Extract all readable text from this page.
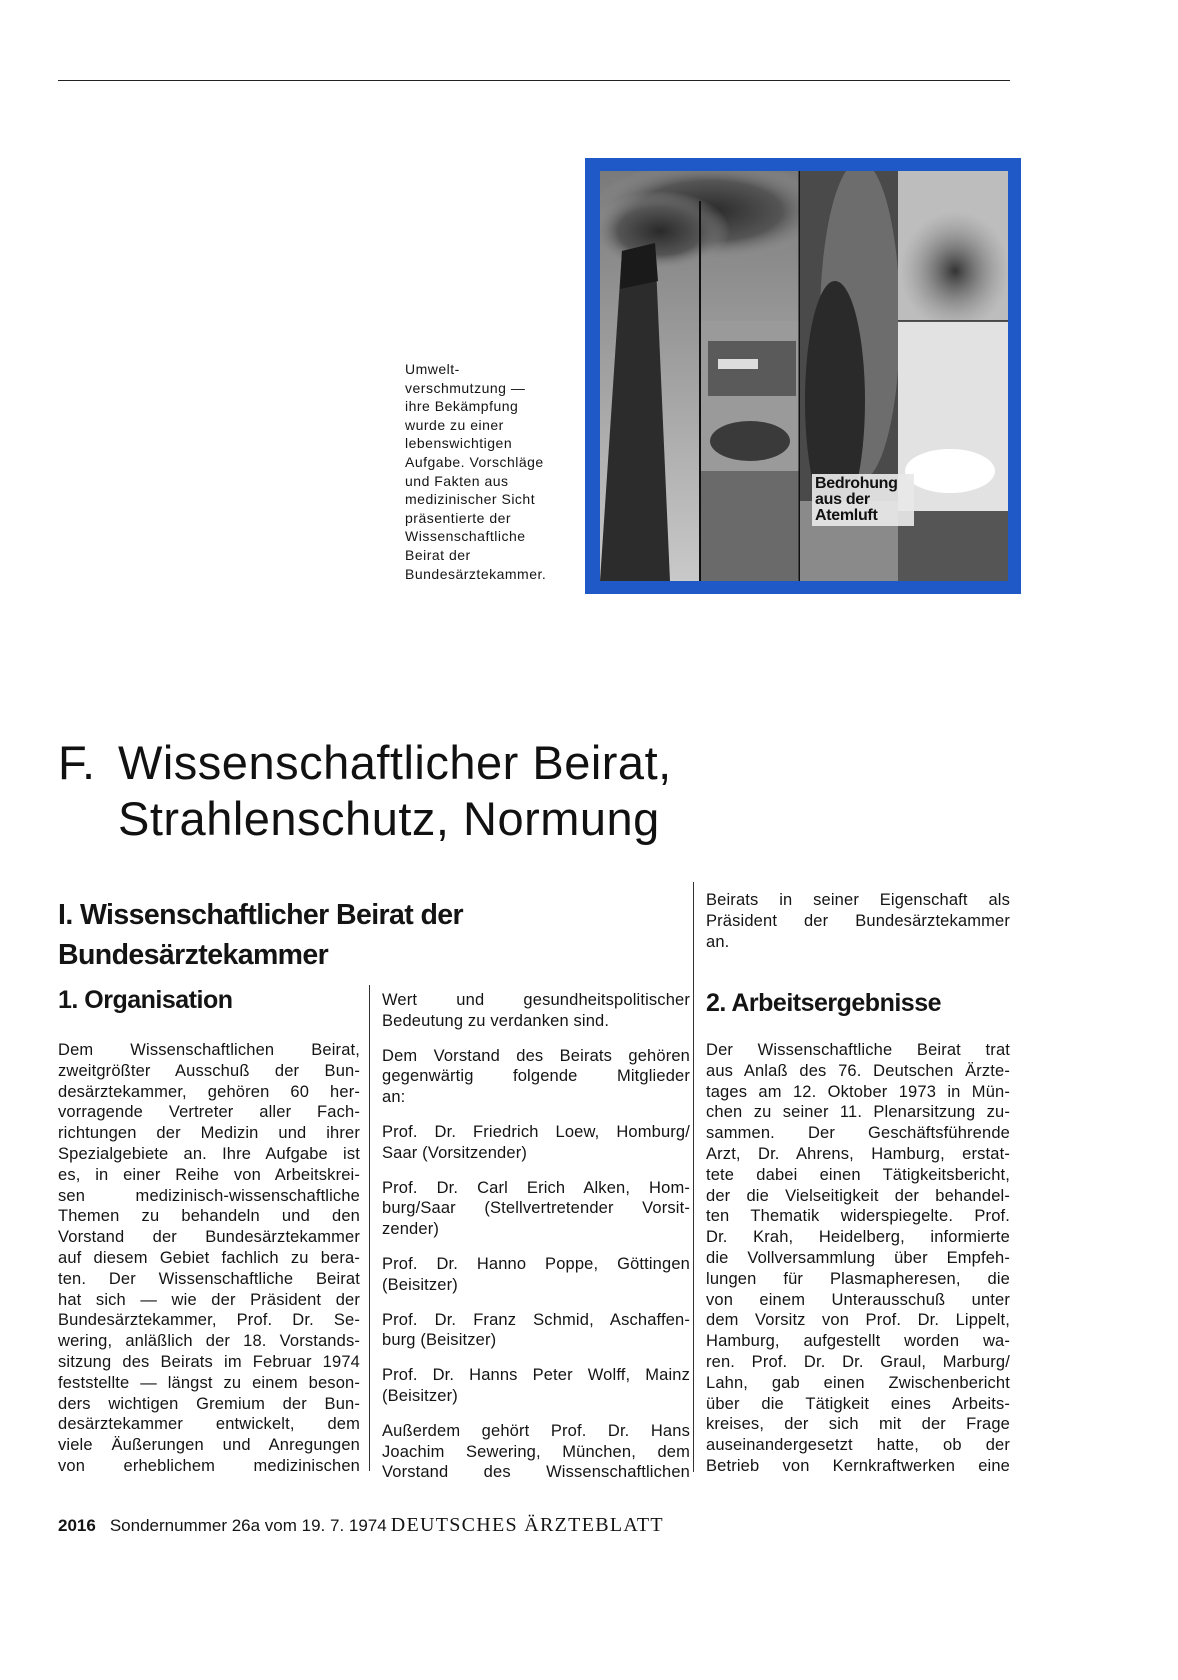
Umwelt-
verschmutzung —
ihre Bekämpfung
wurde zu einer
lebenswichtigen
Aufgabe. Vorschläge
und Fakten aus
medizinischer Sicht
präsentierte der
Wissenschaftliche
Beirat der
Bundesärztekammer.
Bedrohung
aus der
Atemluft
F. Wissenschaftlicher Beirat,
Strahlenschutz, Normung
I. Wissenschaftlicher Beirat der
Bundesärztekammer
1. Organisation	2. Arbeitsergebnisse
Dem Wissenschaftlichen Beirat,
zweitgrößter Ausschuß der Bun-
desärztekammer, gehören 60 her-
vorragende Vertreter aller Fach-
richtungen der Medizin und ihrer
Spezialgebiete an. Ihre Aufgabe ist
es, in einer Reihe von Arbeitskrei-
sen medizinisch-wissenschaftliche
Themen zu behandeln und den
Vorstand der Bundesärztekammer
auf diesem Gebiet fachlich zu bera-
ten. Der Wissenschaftliche Beirat
hat sich — wie der Präsident der
Bundesärztekammer, Prof. Dr. Se-
wering, anläßlich der 18. Vorstands-
sitzung des Beirats im Februar 1974
feststellte — längst zu einem beson-
ders wichtigen Gremium der Bun-
desärztekammer entwickelt, dem
viele Äußerungen und Anregungen
von erheblichem medizinischen
Wert und gesundheitspolitischer
Bedeutung zu verdanken sind.
Dem Vorstand des Beirats gehören
gegenwärtig folgende Mitglieder
an:
Prof. Dr. Friedrich Loew, Homburg/
Saar (Vorsitzender)
Prof. Dr. Carl Erich Alken, Hom-
burg/Saar (Stellvertretender Vorsit-
zender)
Prof. Dr. Hanno Poppe, Göttingen
(Beisitzer)
Prof. Dr. Franz Schmid, Aschaffen-
burg (Beisitzer)
Prof. Dr. Hanns Peter Wolff, Mainz
(Beisitzer)
Außerdem gehört Prof. Dr. Hans
Joachim Sewering, München, dem
Vorstand des Wissenschaftlichen
Beirats in seiner Eigenschaft als
Präsident der Bundesärztekammer
an.
Der Wissenschaftliche Beirat trat
aus Anlaß des 76. Deutschen Ärzte-
tages am 12. Oktober 1973 in Mün-
chen zu seiner 11. Plenarsitzung zu-
sammen. Der Geschäftsführende
Arzt, Dr. Ahrens, Hamburg, erstat-
tete dabei einen Tätigkeitsbericht,
der die Vielseitigkeit der behandel-
ten Thematik widerspiegelte. Prof.
Dr. Krah, Heidelberg, informierte
die Vollversammlung über Empfeh-
lungen für Plasmapheresen, die
von einem Unterausschuß unter
dem Vorsitz von Prof. Dr. Lippelt,
Hamburg, aufgestellt worden wa-
ren. Prof. Dr. Dr. Graul, Marburg/
Lahn, gab einen Zwischenbericht
über die Tätigkeit eines Arbeits-
kreises, der sich mit der Frage
auseinandergesetzt hatte, ob der
Betrieb von Kernkraftwerken eine
2016 Sondernummer 26a vom 19. 7. 1974 DEUTSCHES ÄRZTEBLATT
